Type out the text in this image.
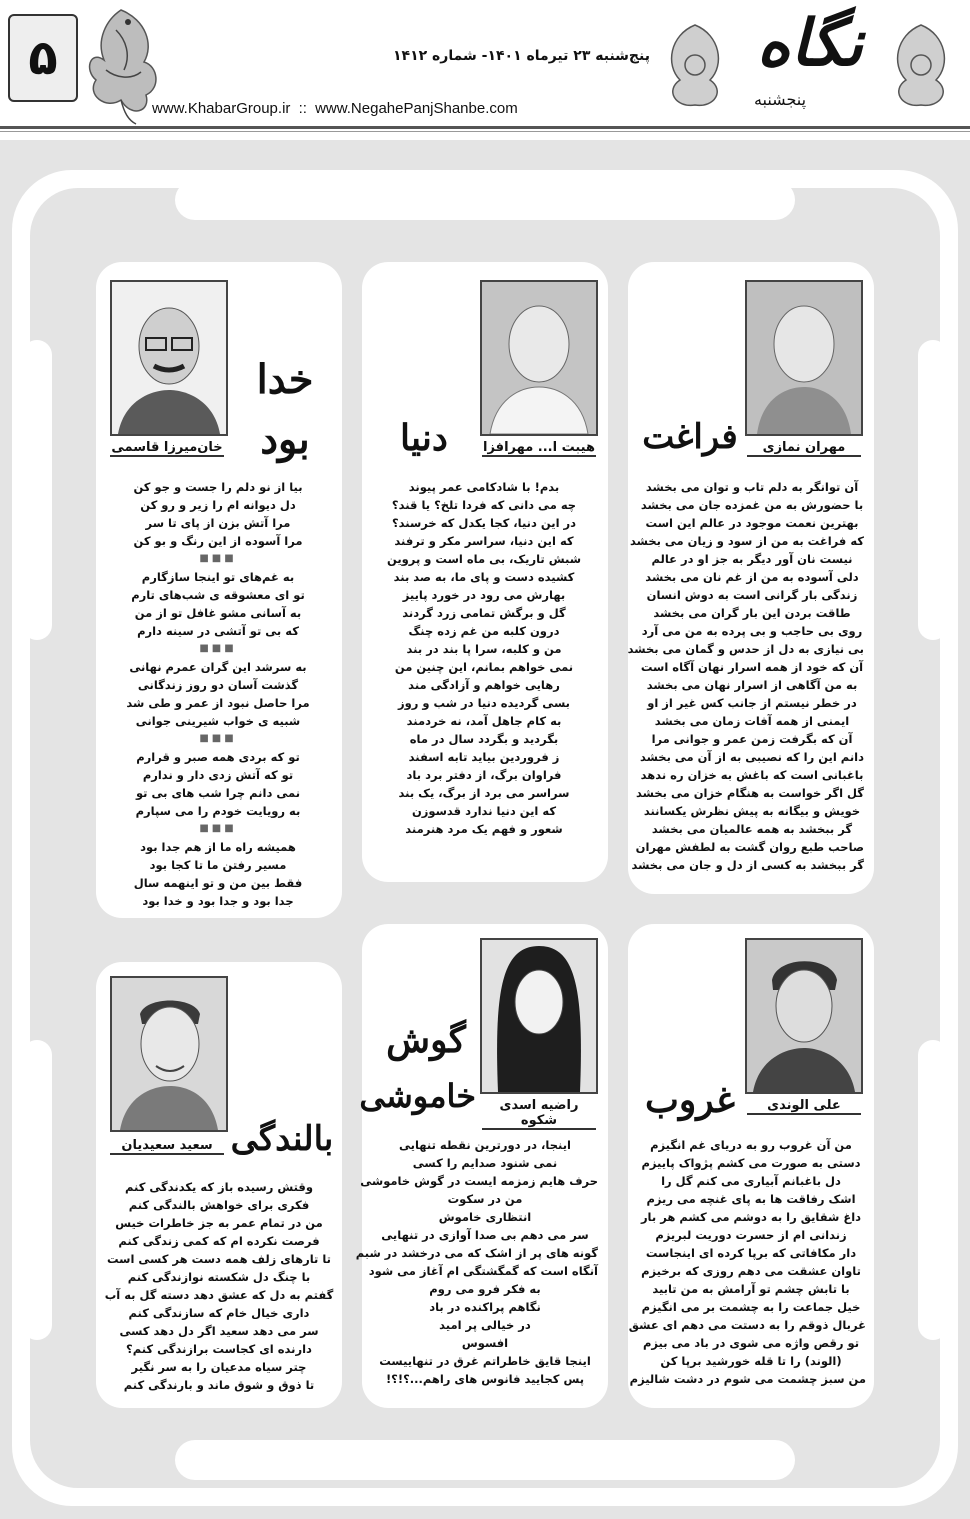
۵	پنج‌شنبه ۲۳ تیرماه ۱۴۰۱- شماره ۱۴۱۲
www.KhabarGroup.ir :: www.NegahePanjShanbe.com
نگاه
پنجشنبه
مهران نمازی
فراغت
آن توانگر به دلم تاب و توان می بخشد
با حضورش به من غمزده جان می بخشد
بهترین نعمت موجود در عالم این است
که فراغت به من از سود و زیان می بخشد
نیست نان آور دیگر به جز او در عالم
دلی آسوده به من از غم نان می بخشد
زندگی بار گرانی است به دوش انسان
طاقت بردن این بار گران می بخشد
روی بی حاجب و بی پرده به من می آرد
بی نیازی به دل از حدس و گمان می بخشد
آن که خود از همه اسرار نهان آگاه است
به من آگاهی از اسرار نهان می بخشد
در خطر نیستم از جانب کس غیر از او
ایمنی از همه آفات زمان می بخشد
آن که بگرفت زمن عمر و جوانی مرا
دانم این را که نصیبی به از آن می بخشد
باغبانی است که باغش به خزان ره ندهد
گل اگر خواست به هنگام خزان می بخشد
خویش و بیگانه به پیش نظرش یکسانند
گر ببخشد به همه عالمیان می بخشد
صاحب طبع روان گشت به لطفش مهران
گر ببخشد به کسی از دل و جان می بخشد
هیبت ا... مهرافزا
دنیا
بدم! با شادکامی عمر پیوند
چه می دانی که فردا تلخ؟ یا قند؟
در این دنیا، کجا یکدل که خرسند؟
که این دنیا، سراسر مکر و ترفند
شبش تاریک، بی ماه است و پروین
کشیده دست و پای ما، به صد بند
بهارش می رود در خورد پاییز
گل و برگش تمامی زرد گردند
درون کلبه من غم زده چنگ
من و کلبه، سرا پا بند در بند
نمی خواهم بمانم، این چنین من
رهایی خواهم و آزادگی مند
بسی گردیده دنیا در شب و روز
به کام جاهل آمد، نه خردمند
بگردید و بگردد سال در ماه
ز فروردین بیاید تابه اسفند
فراوان برگ، از دفتر برد باد
سراسر می برد از برگ، یک بند
که این دنیا ندارد قد‌سوزن
شعور و فهم یک مرد هنرمند
خان‌میرزا قاسمی
خدا
بود
بیا از نو دلم را جست و جو کن
دل دیوانه ام را زیر و رو کن
مرا آتش بزن از پای تا سر
مرا آسوده از این رنگ و بو کن
■■■
به غم‌های تو اینجا سازگارم
تو ای معشوقه ی شب‌های تارم
به آسانی مشو غافل تو از من
که بی تو آتشی در سینه دارم
■■■
به سرشد این گران عمرم نهانی
گذشت آسان دو روز زندگانی
مرا حاصل نبود از عمر و طی شد
شبیه ی خواب شیرینی جوانی
■■■
تو که بردی همه صبر و قرارم
تو که آتش زدی دار و ندارم
نمی دانم چرا شب های بی تو
به رویایت خودم را می سپارم
■■■
همیشه راه ما از هم جدا بود
مسیر رفتن ما تا کجا بود
فقط بین من و تو اینهمه سال
جدا بود و جدا بود و خدا بود
علی الوندی
غروب
من آن غروب رو به دریای غم انگیزم
دستی به صورت می کشم پژواک پاییزم
دل باغبانم آبیاری می کنم گل را
اشک رفاقت ها به پای غنچه می ریزم
داغ شقایق را به دوشم می کشم هر بار
زندانی ام از حسرت دوریت لبریزم
دار مکافاتی که برپا کرده ای اینجاست
تاوان عشقت می دهم روزی که برخیزم
با تابش چشم تو آرامش به من تابید
خیل جماعت را به چشمت بر می انگیزم
غربال ذوقم را به دستت می دهم ای عشق
تو رقص واژه می شوی در باد می بیزم
(الوند) را تا قله خورشید برپا کن
من سبز چشمت می شوم در دشت شالیزم
راضیه اسدی شکوه
گوش
خاموشی
اینجا، در دورترین نقطه تنهایی
نمی شنود صدایم را کسی
حرف هایم زمزمه ایست در گوش خاموشی
من در سکوت
انتظاری خاموش
سر می دهم بی صدا آوازی در تنهایی
گونه های پر از اشک که می درخشد در شبم
آنگاه است که گمگشتگی ام آغاز می شود
به فکر فرو می روم
نگاهم پراکنده در باد
در خیالی پر امید
افسوس
اینجا قایق خاطراتم غرق در تنهاییست
پس کجایید فانوس های راهم...؟!؟!
سعید سعیدیان بالندگی
وقتش رسیده باز که یکدندگی کنم
فکری برای خواهش بالندگی کنم
من در تمام عمر به جز خاطرات خیس
فرصت نکرده ام که کمی زندگی کنم
تا تارهای زلف همه دست هر کسی است
با چنگ دل شکسته نوازندگی کنم
گفتم به دل که عشق دهد دسته گل به آب
داری خیال خام که سازندگی کنم
سر می دهد سعید اگر دل دهد کسی
دارنده ای کجاست برازندگی کنم؟
چتر سیاه مدعیان را به سر نگیر
تا ذوق و شوق ماند و بارندگی کنم
